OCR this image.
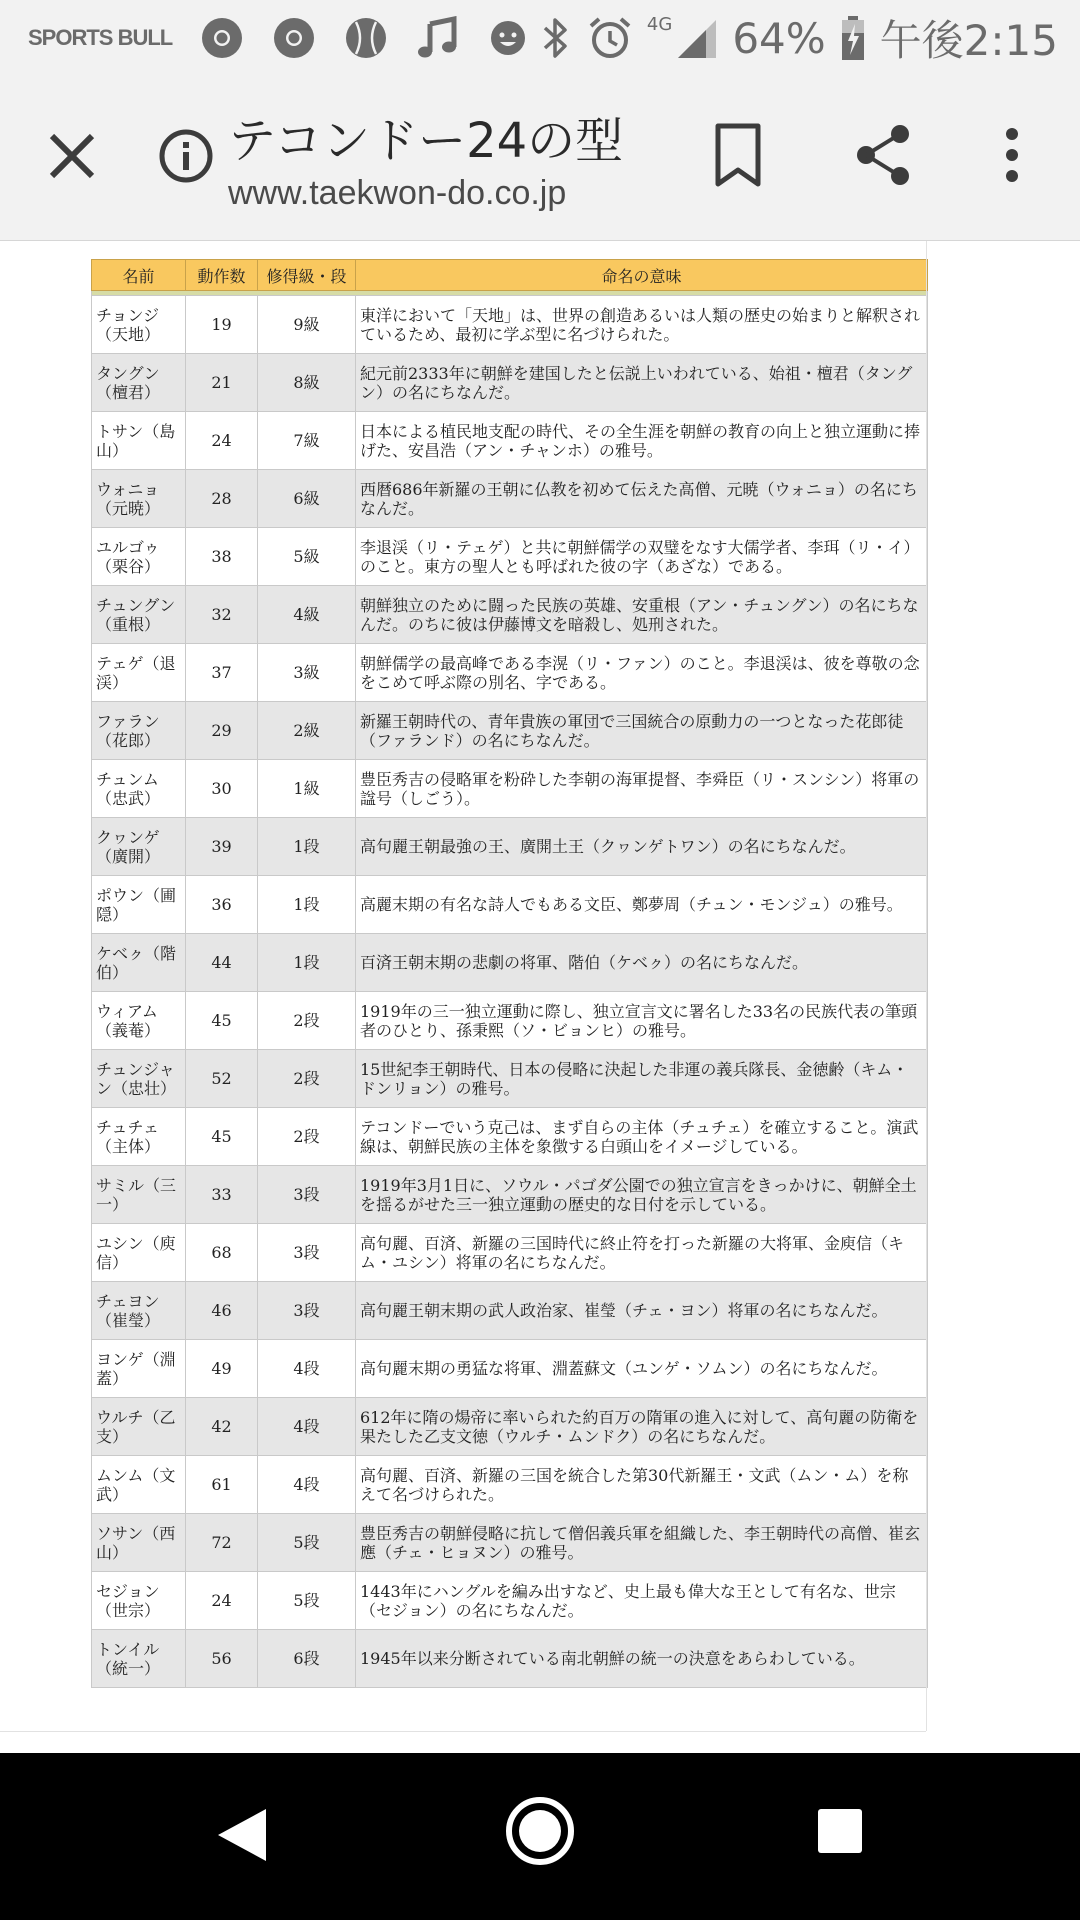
SPORTS BULL
4G 64% 午後2:15
テコンドー24の型
www.taekwon-do.co.jp
名前	動作数	修得級・段	命名の意味

チョンジ（天地）	19	9級	東洋において「天地」は、世界の創造あるいは人類の歴史の始まりと解釈されているため、最初に学ぶ型に名づけられた。
タングン（檀君）	21	8級	紀元前2333年に朝鮮を建国したと伝説上いわれている、始祖・檀君（タングン）の名にちなんだ。
トサン（島山）	24	7級	日本による植民地支配の時代、その全生涯を朝鮮の教育の向上と独立運動に捧げた、安昌浩（アン・チャンホ）の雅号。
ウォニョ（元暁）	28	6級	西暦686年新羅の王朝に仏教を初めて伝えた高僧、元暁（ウォニョ）の名にちなんだ。
ユルゴゥ（栗谷）	38	5級	李退渓（リ・テェゲ）と共に朝鮮儒学の双璧をなす大儒学者、李珥（リ・イ）のこと。東方の聖人とも呼ばれた彼の字（あざな）である。
チュングン（重根）	32	4級	朝鮮独立のために闘った民族の英雄、安重根（アン・チュングン）の名にちなんだ。のちに彼は伊藤博文を暗殺し、処刑された。
テェゲ（退渓）	37	3級	朝鮮儒学の最高峰である李滉（リ・ファン）のこと。李退渓は、彼を尊敬の念をこめて呼ぶ際の別名、字である。
ファラン（花郎）	29	2級	新羅王朝時代の、青年貴族の軍団で三国統合の原動力の一つとなった花郎徒（ファランド）の名にちなんだ。
チュンム（忠武）	30	1級	豊臣秀吉の侵略軍を粉砕した李朝の海軍提督、李舜臣（リ・スンシン）将軍の諡号（しごう）。
クヮンゲ（廣開）	39	1段	高句麗王朝最強の王、廣開土王（クヮンゲトワン）の名にちなんだ。
ポウン（圃隠）	36	1段	高麗末期の有名な詩人でもある文臣、鄭夢周（チュン・モンジュ）の雅号。
ケベㇰ（階伯）	44	1段	百済王朝末期の悲劇の将軍、階伯（ケベㇰ）の名にちなんだ。
ウィアム（義菴）	45	2段	1919年の三一独立運動に際し、独立宣言文に署名した33名の民族代表の筆頭者のひとり、孫秉熙（ソ・ビョンヒ）の雅号。
チュンジャン（忠壮）	52	2段	15世紀李王朝時代、日本の侵略に決起した非運の義兵隊長、金徳齢（キム・ドンリョン）の雅号。
チュチェ（主体）	45	2段	テコンドーでいう克己は、まず自らの主体（チュチェ）を確立すること。演武線は、朝鮮民族の主体を象徴する白頭山をイメージしている。
サミル（三一）	33	3段	1919年3月1日に、ソウル・パゴダ公園での独立宣言をきっかけに、朝鮮全土を揺るがせた三一独立運動の歴史的な日付を示している。
ユシン（庾信）	68	3段	高句麗、百済、新羅の三国時代に終止符を打った新羅の大将軍、金庾信（キム・ユシン）将軍の名にちなんだ。
チェヨン（崔瑩）	46	3段	高句麗王朝末期の武人政治家、崔瑩（チェ・ヨン）将軍の名にちなんだ。
ヨンゲ（淵蓋）	49	4段	高句麗末期の勇猛な将軍、淵蓋蘇文（ユンゲ・ソムン）の名にちなんだ。
ウルチ（乙支）	42	4段	612年に隋の煬帝に率いられた約百万の隋軍の進入に対して、高句麗の防衛を果たした乙支文徳（ウルチ・ムンドク）の名にちなんだ。
ムンム（文武）	61	4段	高句麗、百済、新羅の三国を統合した第30代新羅王・文武（ムン・ム）を称えて名づけられた。
ソサン（西山）	72	5段	豊臣秀吉の朝鮮侵略に抗して僧侶義兵軍を組織した、李王朝時代の高僧、崔玄應（チェ・ヒョヌン）の雅号。
セジョン（世宗）	24	5段	1443年にハングルを編み出すなど、史上最も偉大な王として有名な、世宗（セジョン）の名にちなんだ。
トンイル（統一）	56	6段	1945年以来分断されている南北朝鮮の統一の決意をあらわしている。
